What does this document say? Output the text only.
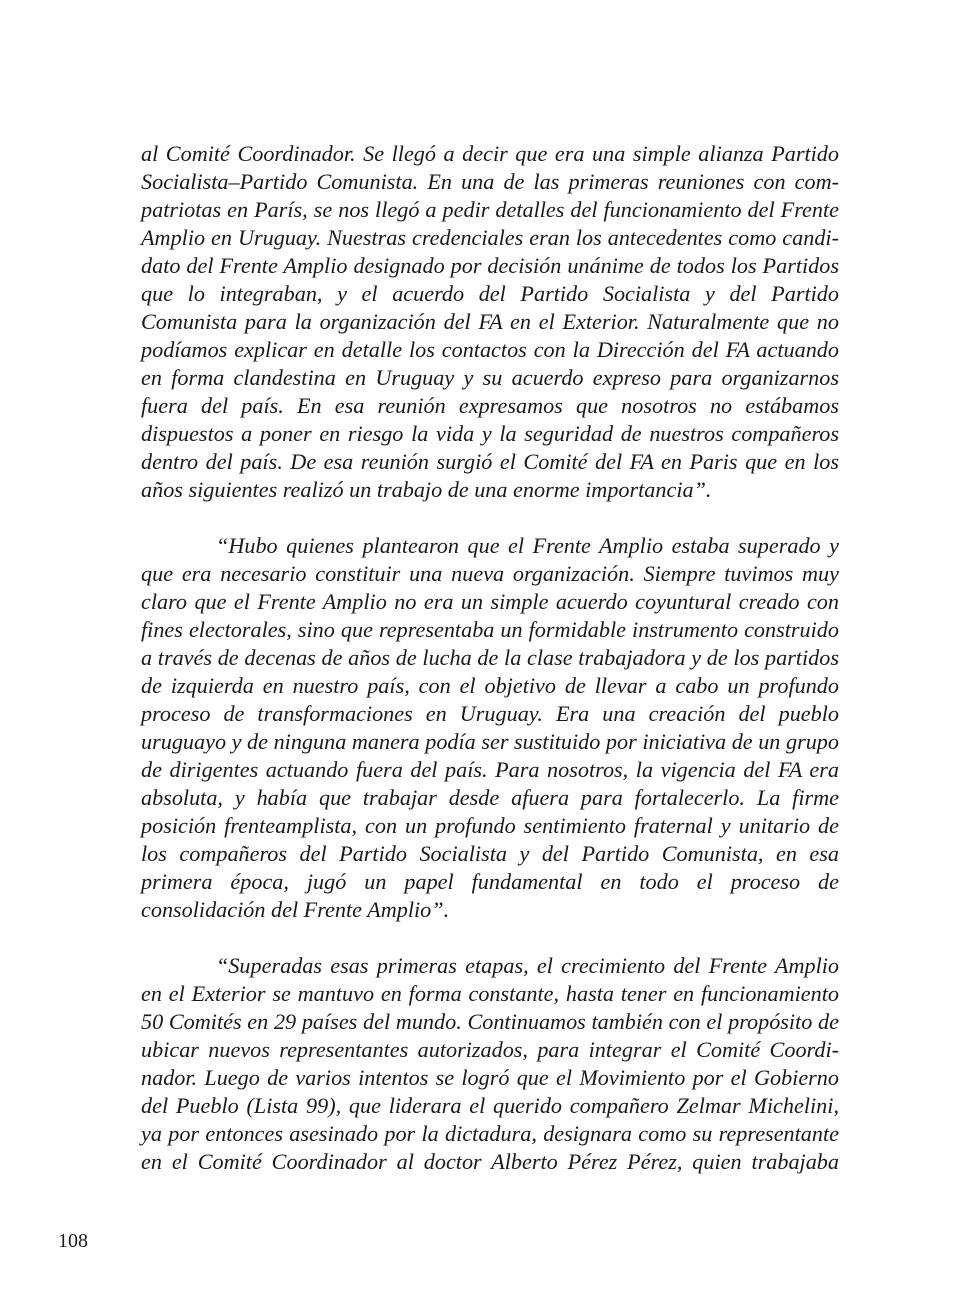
al Comité Coordinador. Se llegó a decir que era una simple alianza Partido Socialista–Partido Comunista. En una de las primeras reuniones con compatriotas en París, se nos llegó a pedir detalles del funcionamiento del Frente Amplio en Uruguay. Nuestras credenciales eran los antecedentes como candidato del Frente Amplio designado por decisión unánime de todos los Partidos que lo integraban, y el acuerdo del Partido Socialista y del Partido Comunista para la organización del FA en el Exterior. Naturalmente que no podíamos explicar en detalle los contactos con la Dirección del FA actuando en forma clandestina en Uruguay y su acuerdo expreso para organizarnos fuera del país. En esa reunión expresamos que nosotros no estábamos dispuestos a poner en riesgo la vida y la seguridad de nuestros compañeros dentro del país. De esa reunión surgió el Comité del FA en Paris que en los años siguientes realizó un trabajo de una enorme importancia”.

“Hubo quienes plantearon que el Frente Amplio estaba superado y que era necesario constituir una nueva organización. Siempre tuvimos muy claro que el Frente Amplio no era un simple acuerdo coyuntural creado con fines electorales, sino que representaba un formidable instrumento construido a través de decenas de años de lucha de la clase trabajadora y de los partidos de izquierda en nuestro país, con el objetivo de llevar a cabo un profundo proceso de transformaciones en Uruguay. Era una creación del pueblo uruguayo y de ninguna manera podía ser sustituido por iniciativa de un grupo de dirigentes actuando fuera del país. Para nosotros, la vigencia del FA era absoluta, y había que trabajar desde afuera para fortalecerlo. La firme posición frenteamplista, con un profundo sentimiento fraternal y unitario de los compañeros del Partido Socialista y del Partido Comunista, en esa primera época, jugó un papel fundamental en todo el proceso de consolidación del Frente Amplio”.

“Superadas esas primeras etapas, el crecimiento del Frente Amplio en el Exterior se mantuvo en forma constante, hasta tener en funcionamiento 50 Comités en 29 países del mundo. Continuamos también con el propósito de ubicar nuevos representantes autorizados, para integrar el Comité Coordinador. Luego de varios intentos se logró que el Movimiento por el Gobierno del Pueblo (Lista 99), que liderara el querido compañero Zelmar Michelini, ya por entonces asesinado por la dictadura, designara como su representante en el Comité Coordinador al doctor Alberto Pérez Pérez, quien trabajaba

108
